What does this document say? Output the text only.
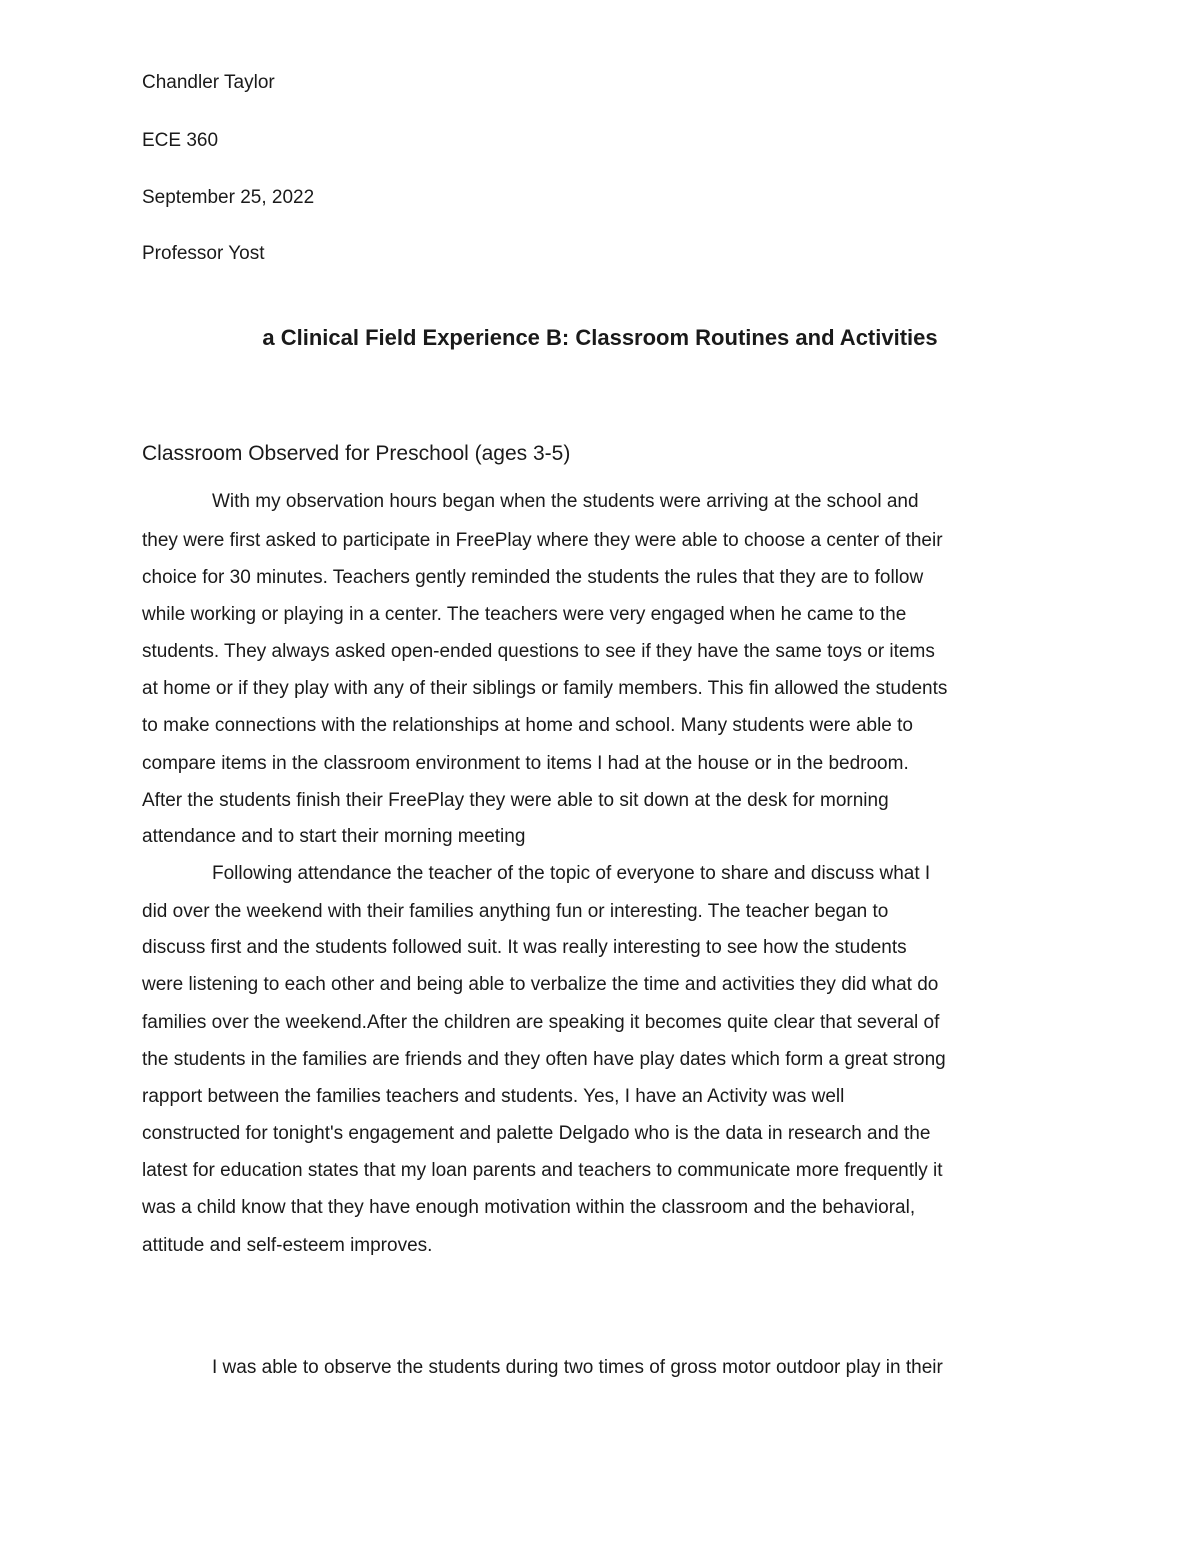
Chandler Taylor
ECE 360
September 25, 2022
Professor Yost
a Clinical Field Experience B: Classroom Routines and Activities
Classroom Observed for Preschool (ages 3-5)
With my observation hours began when the students were arriving at the school and
they were first asked to participate in FreePlay where they were able to choose a center of their
choice for 30 minutes. Teachers gently reminded the students the rules that they are to follow
while working or playing in a center. The teachers were very engaged when he came to the
students. They always asked open-ended questions to see if they have the same toys or items
at home or if they play with any of their siblings or family members. This fin allowed the students
to make connections with the relationships at home and school. Many students were able to
compare items in the classroom environment to items I had at the house or in the bedroom.
After the students finish their FreePlay they were able to sit down at the desk for morning
attendance and to start their morning meeting
Following attendance the teacher of the topic of everyone to share and discuss what I
did over the weekend with their families anything fun or interesting. The teacher began to
discuss first and the students followed suit. It was really interesting to see how the students
were listening to each other and being able to verbalize the time and activities they did what do
families over the weekend.After the children are speaking it becomes quite clear that several of
the students in the families are friends and they often have play dates which form a great strong
rapport between the families teachers and students. Yes, I have an Activity was well
constructed for tonight's engagement and palette Delgado who is the data in research and the
latest for education states that my loan parents and teachers to communicate more frequently it
was a child know that they have enough motivation within the classroom and the behavioral,
attitude and self-esteem improves.
I was able to observe the students during two times of gross motor outdoor play in their
